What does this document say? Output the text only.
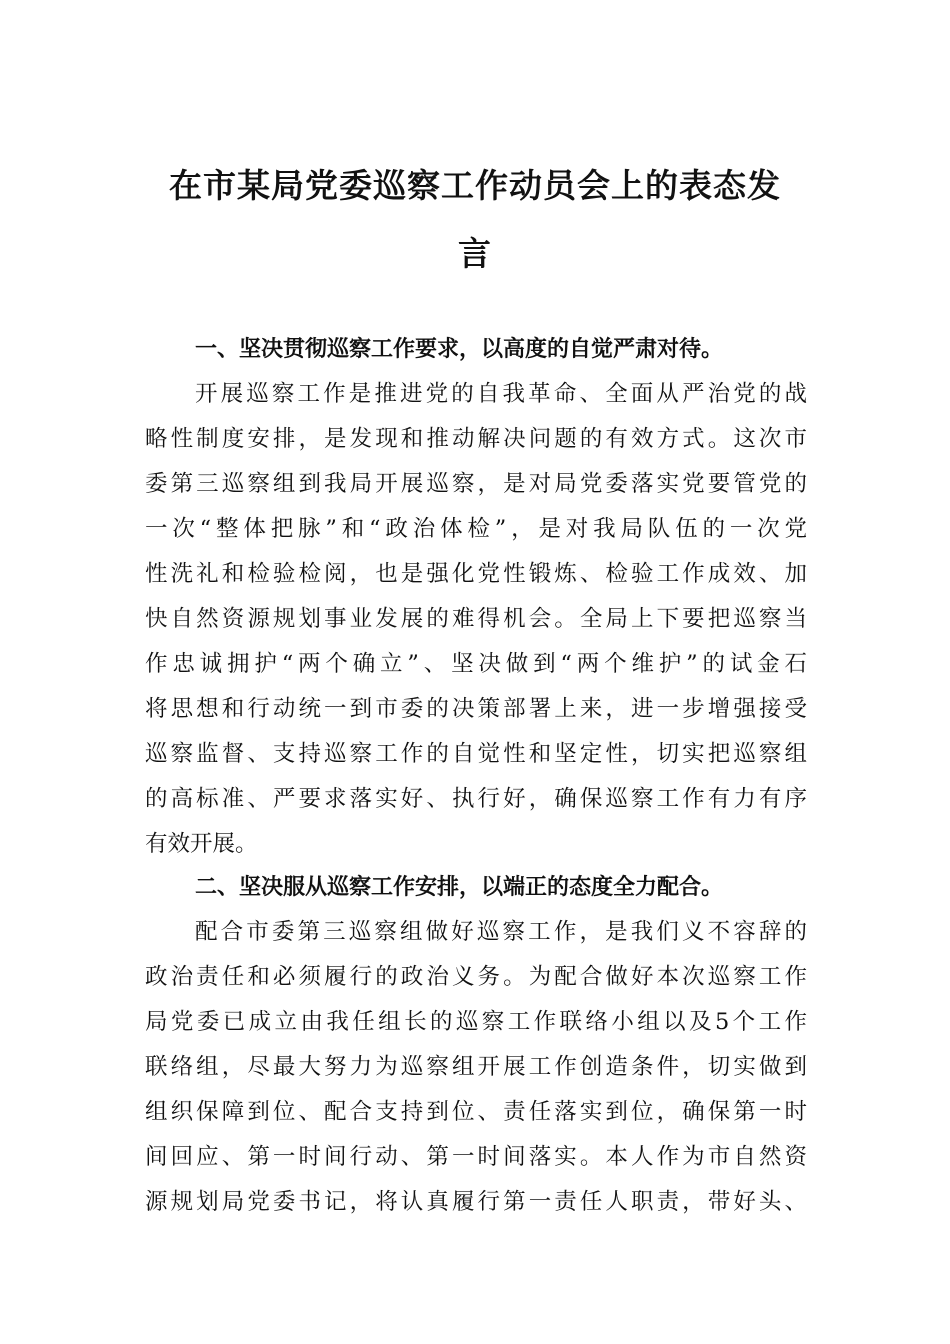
在市某局党委巡察工作动员会上的表态发
言

一、坚决贯彻巡察工作要求，以高度的自觉严肃对待。

开展巡察工作是推进党的自我革命、全面从严治党的战

略性制度安排，是发现和推动解决问题的有效方式。这次市

委第三巡察组到我局开展巡察，是对局党委落实党要管党的

一次“整体把脉”和“政治体检”，是对我局队伍的一次党

性洗礼和检验检阅，也是强化党性锻炼、检验工作成效、加

快自然资源规划事业发展的难得机会。全局上下要把巡察当

作忠诚拥护“两个确立”、坚决做到“两个维护”的试金石

将思想和行动统一到市委的决策部署上来，进一步增强接受

巡察监督、支持巡察工作的自觉性和坚定性，切实把巡察组

的高标准、严要求落实好、执行好，确保巡察工作有力有序

有效开展。

二、坚决服从巡察工作安排，以端正的态度全力配合。

配合市委第三巡察组做好巡察工作，是我们义不容辞的

政治责任和必须履行的政治义务。为配合做好本次巡察工作

局党委已成立由我任组长的巡察工作联络小组以及5个工作

联络组，尽最大努力为巡察组开展工作创造条件，切实做到

组织保障到位、配合支持到位、责任落实到位，确保第一时

间回应、第一时间行动、第一时间落实。本人作为市自然资

源规划局党委书记，将认真履行第一责任人职责，带好头、
